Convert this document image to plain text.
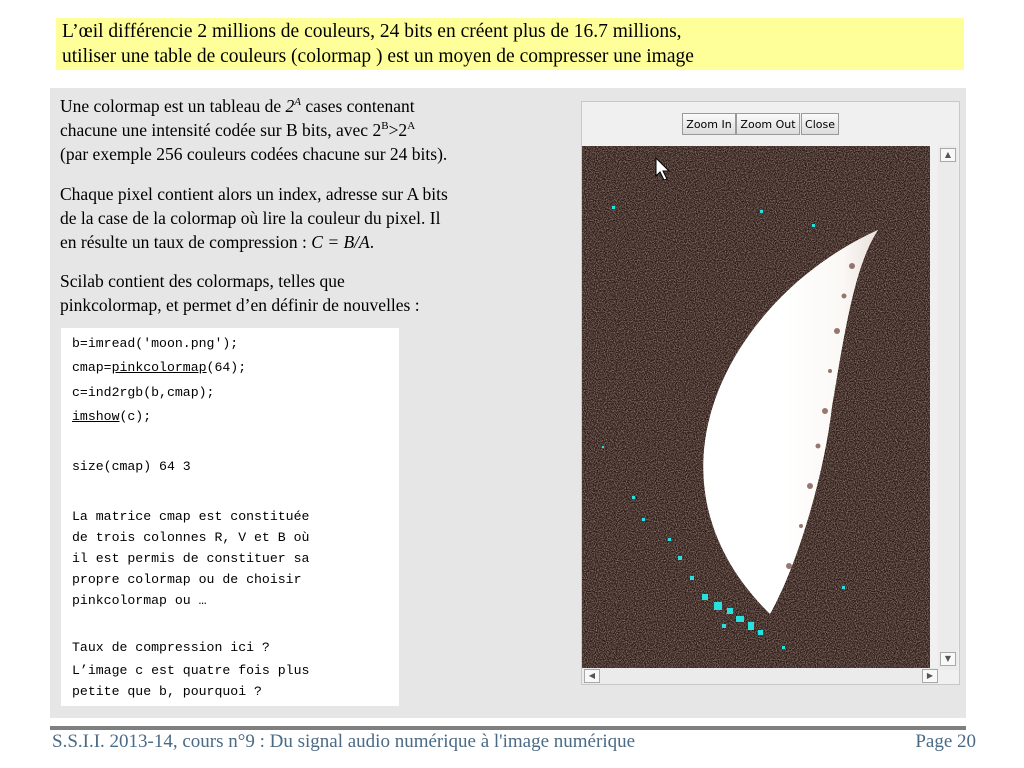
L’œil différencie 2 millions de couleurs, 24 bits en créent plus de 16.7 millions,
utiliser une table de couleurs (colormap ) est un moyen de compresser une image
Une colormap est un tableau de $2^A$ cases contenant
chacune une intensité codée sur B bits, avec $2^B>2^A$
(par exemple 256 couleurs codées chacune sur 24 bits).
Chaque pixel contient alors un index, adresse sur A bits
de la case de la colormap où lire la couleur du pixel. Il
en résulte un taux de compression : C = B/A.
Scilab contient des colormaps, telles que
pinkcolormap, et permet d’en définir de nouvelles :
b=imread('moon.png');
cmap=pinkcolormap(64);
c=ind2rgb(b,cmap);
imshow(c);
size(cmap) 64 3
La matrice cmap est constituée
de trois colonnes R, V et B où
il est permis de constituer sa
propre colormap ou de choisir
pinkcolormap ou …
Taux de compression ici ?
L’image c est quatre fois plus
petite que b, pourquoi ?
Zoom In Zoom Out Close
▲
▼
◀	▶
S.S.I.I. 2013-14, cours n°9 : Du signal audio numérique à l'image numérique	Page 20
